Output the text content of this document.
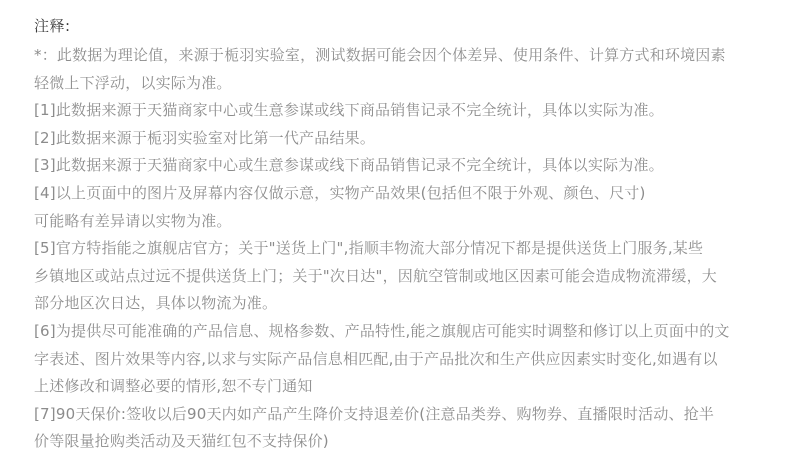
注释:
*：此数据为理论值，来源于栀羽实验室，测试数据可能会因个体差异、使用条件、计算方式和环境因素
轻微上下浮动，以实际为准。
[1]此数据来源于天猫商家中心或生意参谋或线下商品销售记录不完全统计，具体以实际为准。
[2]此数据来源于栀羽实验室对比第一代产品结果。
[3]此数据来源于天猫商家中心或生意参谋或线下商品销售记录不完全统计，具体以实际为准。
[4]以上页面中的图片及屏幕内容仅做示意，实物产品效果(包括但不限于外观、颜色、尺寸)
可能略有差异请以实物为准。
[5]官方特指能之旗舰店官方；关于"送货上门",指顺丰物流大部分情况下都是提供送货上门服务,某些
乡镇地区或站点过远不提供送货上门；关于"次日达"，因航空管制或地区因素可能会造成物流滞缓，大
部分地区次日达，具体以物流为准。
[6]为提供尽可能准确的产品信息、规格参数、产品特性,能之旗舰店可能实时调整和修订以上页面中的文
字表述、图片效果等内容,以求与实际产品信息相匹配,由于产品批次和生产供应因素实时变化,如遇有以
上述修改和调整必要的情形,恕不专门通知
[7]90天保价:签收以后90天内如产品产生降价支持退差价(注意品类券、购物券、直播限时活动、抢半
价等限量抢购类活动及天猫红包不支持保价)
